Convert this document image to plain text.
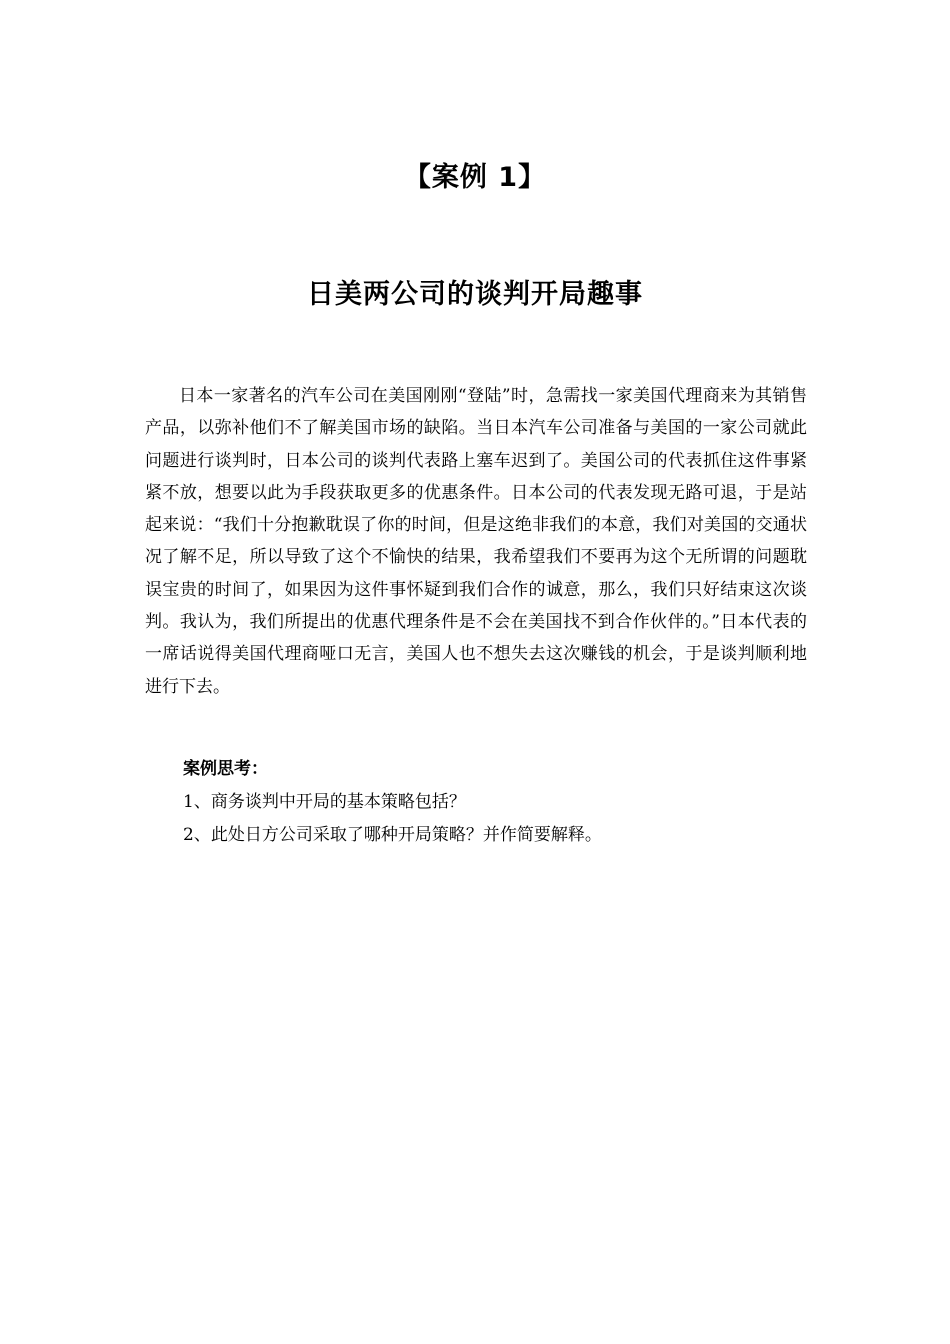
【案例 1】
日美两公司的谈判开局趣事

日本一家著名的汽车公司在美国刚刚“登陆”时，急需找一家美国代理商来为其销售产品，以弥补他们不了解美国市场的缺陷。当日本汽车公司准备与美国的一家公司就此问题进行谈判时，日本公司的谈判代表路上塞车迟到了。美国公司的代表抓住这件事紧紧不放，想要以此为手段获取更多的优惠条件。日本公司的代表发现无路可退，于是站起来说：“我们十分抱歉耽误了你的时间，但是这绝非我们的本意，我们对美国的交通状况了解不足，所以导致了这个不愉快的结果，我希望我们不要再为这个无所谓的问题耽误宝贵的时间了，如果因为这件事怀疑到我们合作的诚意，那么，我们只好结束这次谈判。我认为，我们所提出的优惠代理条件是不会在美国找不到合作伙伴的。”日本代表的一席话说得美国代理商哑口无言，美国人也不想失去这次赚钱的机会，于是谈判顺利地进行下去。

案例思考：

1、商务谈判中开局的基本策略包括？
2、此处日方公司采取了哪种开局策略？并作简要解释。
